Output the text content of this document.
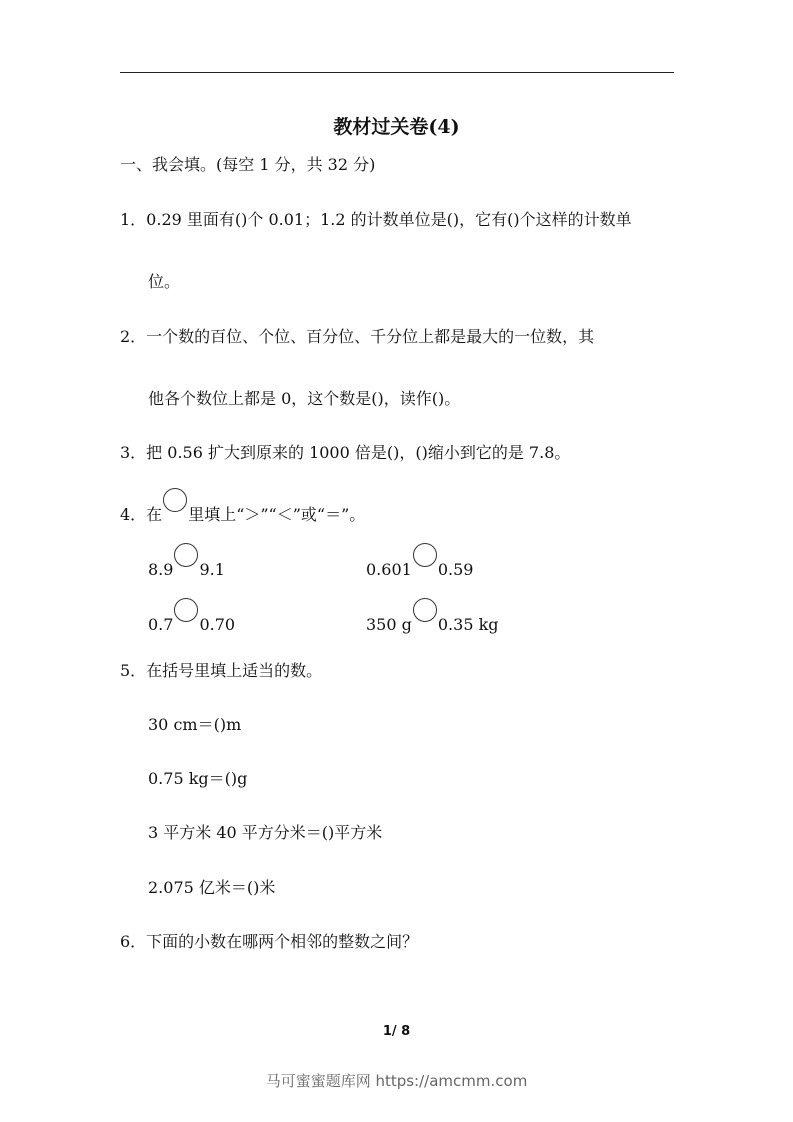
教材过关卷(4)
一、我会填。(每空 1 分，共 32 分)
1．0.29 里面有()个 0.01；1.2 的计数单位是()，它有()个这样的计数单
位。
2．一个数的百位、个位、百分位、千分位上都是最大的一位数，其
他各个数位上都是 0，这个数是()，读作()。
3．把 0.56 扩大到原来的 1000 倍是()，()缩小到它的是 7.8。
4．在 里填上“＞”“＜”或“＝”。
8.9 9.1	0.601 0.59
0.7 0.70	350 g 0.35 kg
5．在括号里填上适当的数。
30 cm＝()m
0.75 kg＝()g
3 平方米 40 平方分米＝()平方米
2.075 亿米＝()米
6．下面的小数在哪两个相邻的整数之间？
1/ 8
马可蜜蜜题库网 https://amcmm.com
